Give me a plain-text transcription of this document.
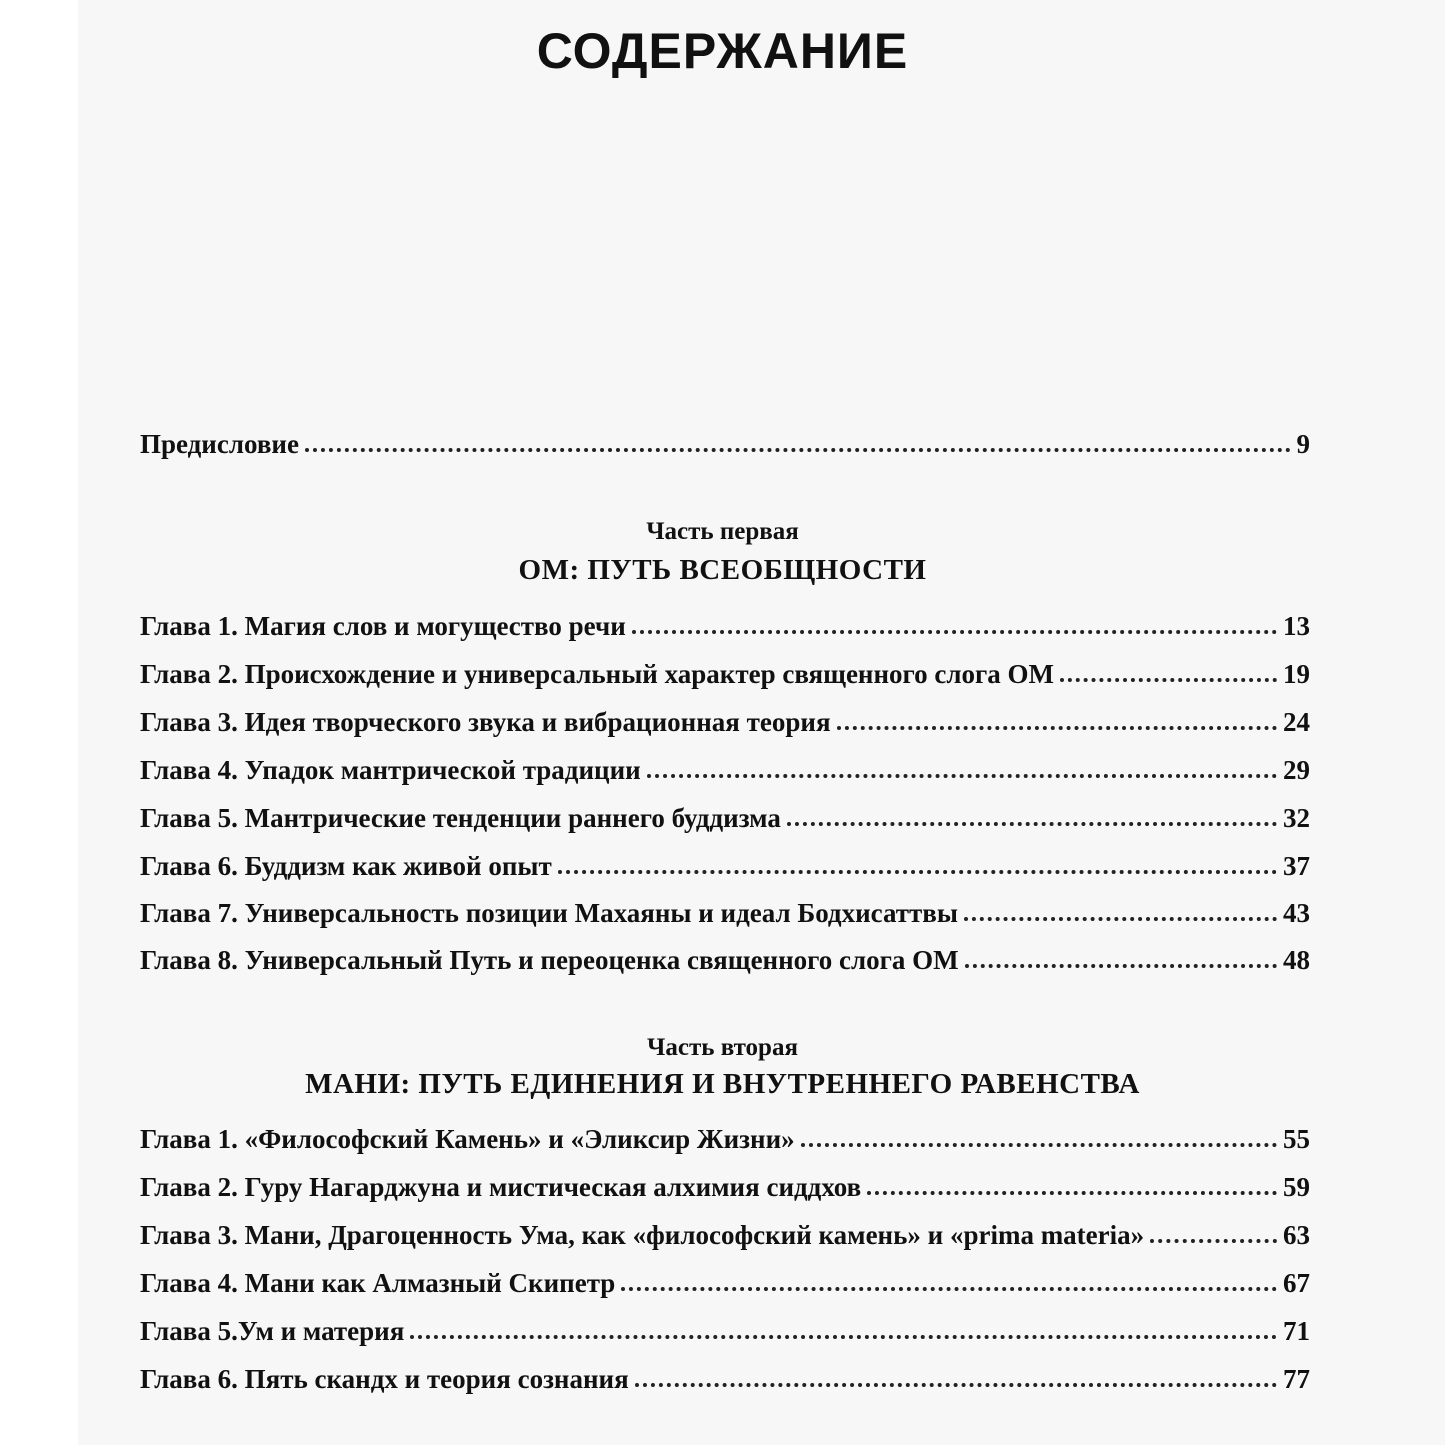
СОДЕРЖАНИЕ
Предисловие	9
Часть первая
ОМ: ПУТЬ ВСЕОБЩНОСТИ
Глава 1. Магия слов и могущество речи	13
Глава 2. Происхождение и универсальный характер священного слога ОМ	19
Глава 3. Идея творческого звука и вибрационная теория	24
Глава 4. Упадок мантрической традиции	29
Глава 5. Мантрические тенденции раннего буддизма	32
Глава 6. Буддизм как живой опыт	37
Глава 7. Универсальность позиции Махаяны и идеал Бодхисаттвы	43
Глава 8. Универсальный Путь и переоценка священного слога ОМ	48
Часть вторая
МАНИ: ПУТЬ ЕДИНЕНИЯ И ВНУТРЕННЕГО РАВЕНСТВА
Глава 1. «Философский Камень» и «Эликсир Жизни»	55
Глава 2. Гуру Нагарджуна и мистическая алхимия сиддхов	59
Глава 3. Мани, Драгоценность Ума, как «философский камень» и «prima materia»	63
Глава 4. Мани как Алмазный Скипетр	67
Глава 5.Ум и материя	71
Глава 6. Пять скандх и теория сознания	77
